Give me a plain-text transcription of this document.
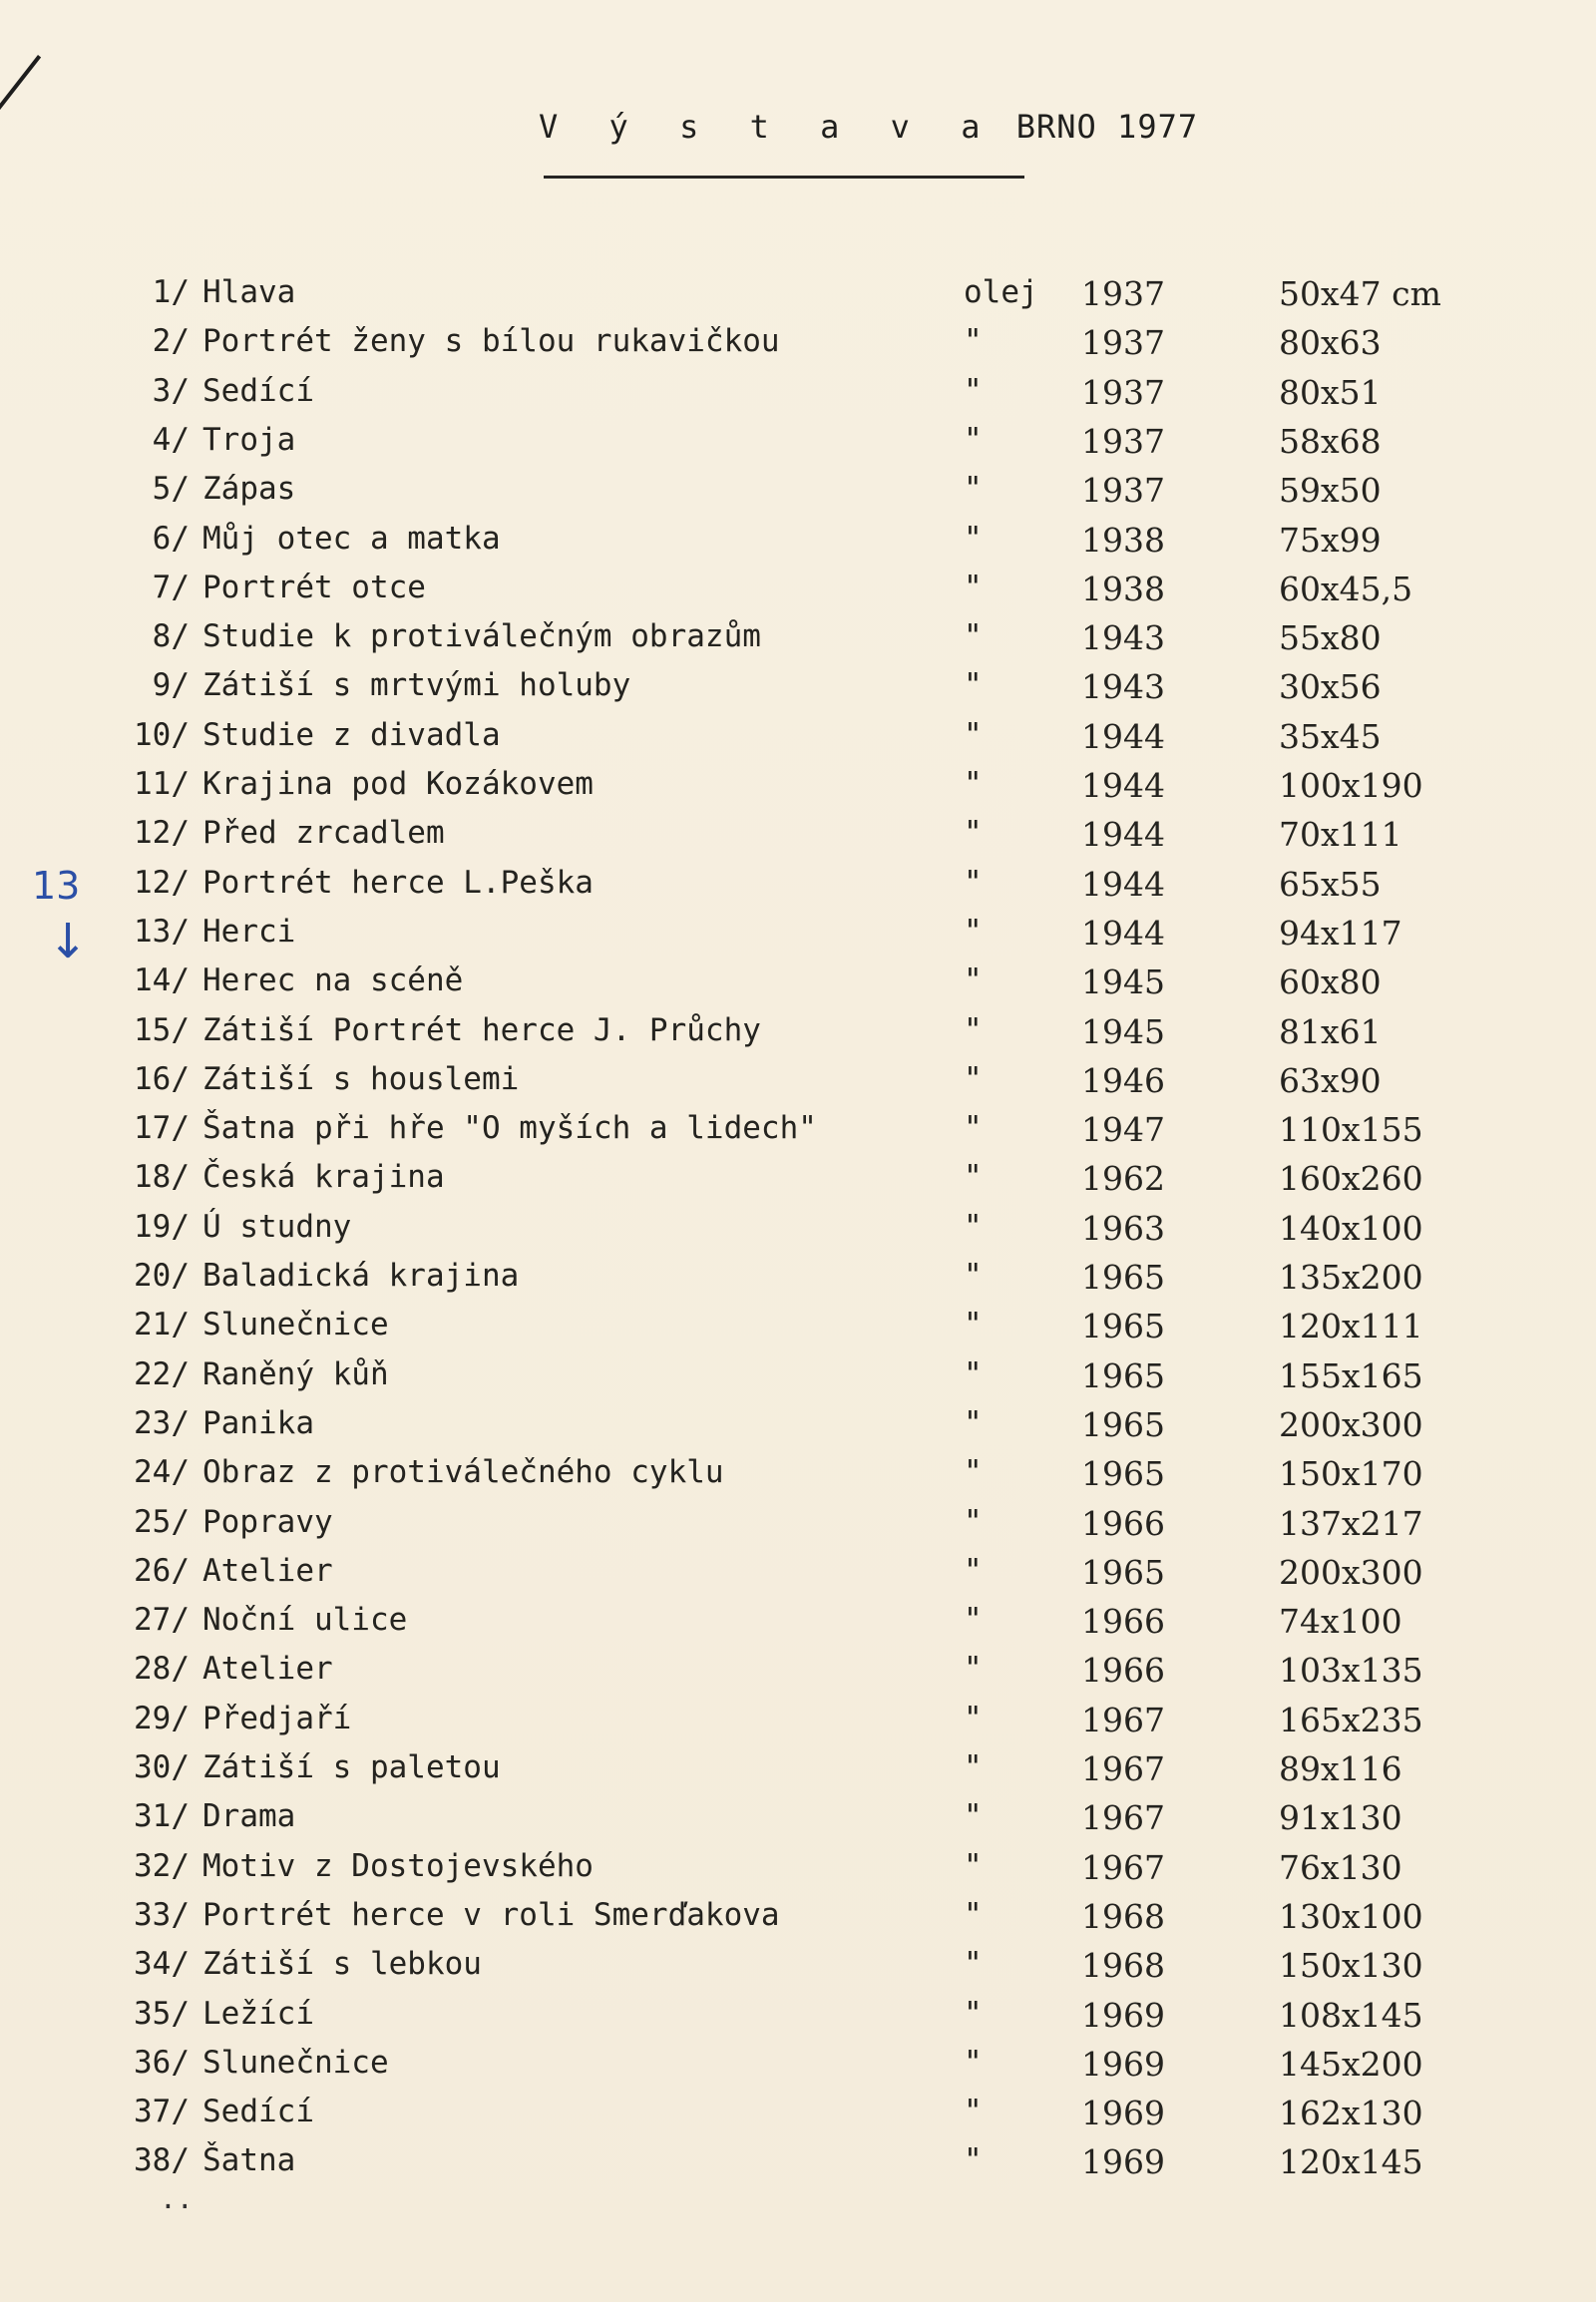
V ý s t a v a BRNO 1977
13
↓
1/ Hlava	olej 1937	50x47 cm
2/ Portrét ženy s bílou rukavičkou	"	1937	80x63
3/ Sedící	"	1937	80x51
4/ Troja	"	1937	58x68
5/ Zápas	"	1937	59x50
6/ Můj otec a matka	"	1938	75x99
7/ Portrét otce	"	1938	60x45,5
8/ Studie k protiválečným obrazům	"	1943	55x80
9/ Zátiší s mrtvými holuby	"	1943	30x56
10/ Studie z divadla	"	1944	35x45
11/ Krajina pod Kozákovem	"	1944	100x190
12/ Před zrcadlem	"	1944	70x111
12/ Portrét herce L.Peška	"	1944	65x55
13/ Herci	"	1944	94x117
14/ Herec na scéně	"	1945	60x80
15/ Zátiší Portrét herce J. Průchy	"	1945	81x61
16/ Zátiší s houslemi	"	1946	63x90
17/ Šatna při hře "O myších a lidech"	"	1947	110x155
18/ Česká krajina	"	1962	160x260
19/ Ú studny	"	1963	140x100
20/ Baladická krajina	"	1965	135x200
21/ Slunečnice	"	1965	120x111
22/ Raněný kůň	"	1965	155x165
23/ Panika	"	1965	200x300
24/ Obraz z protiválečného cyklu	"	1965	150x170
25/ Popravy	"	1966	137x217
26/ Atelier	"	1965	200x300
27/ Noční ulice	"	1966	74x100
28/ Atelier	"	1966	103x135
29/ Předjaří	"	1967	165x235
30/ Zátiší s paletou	"	1967	89x116
31/ Drama	"	1967	91x130
32/ Motiv z Dostojevského	"	1967	76x130
33/ Portrét herce v roli Smerďakova	"	1968	130x100
34/ Zátiší s lebkou	"	1968	150x130
35/ Ležící	"	1969	108x145
36/ Slunečnice	"	1969	145x200
37/ Sedící	"	1969	162x130
38/ Šatna	"	1969	120x145
..
